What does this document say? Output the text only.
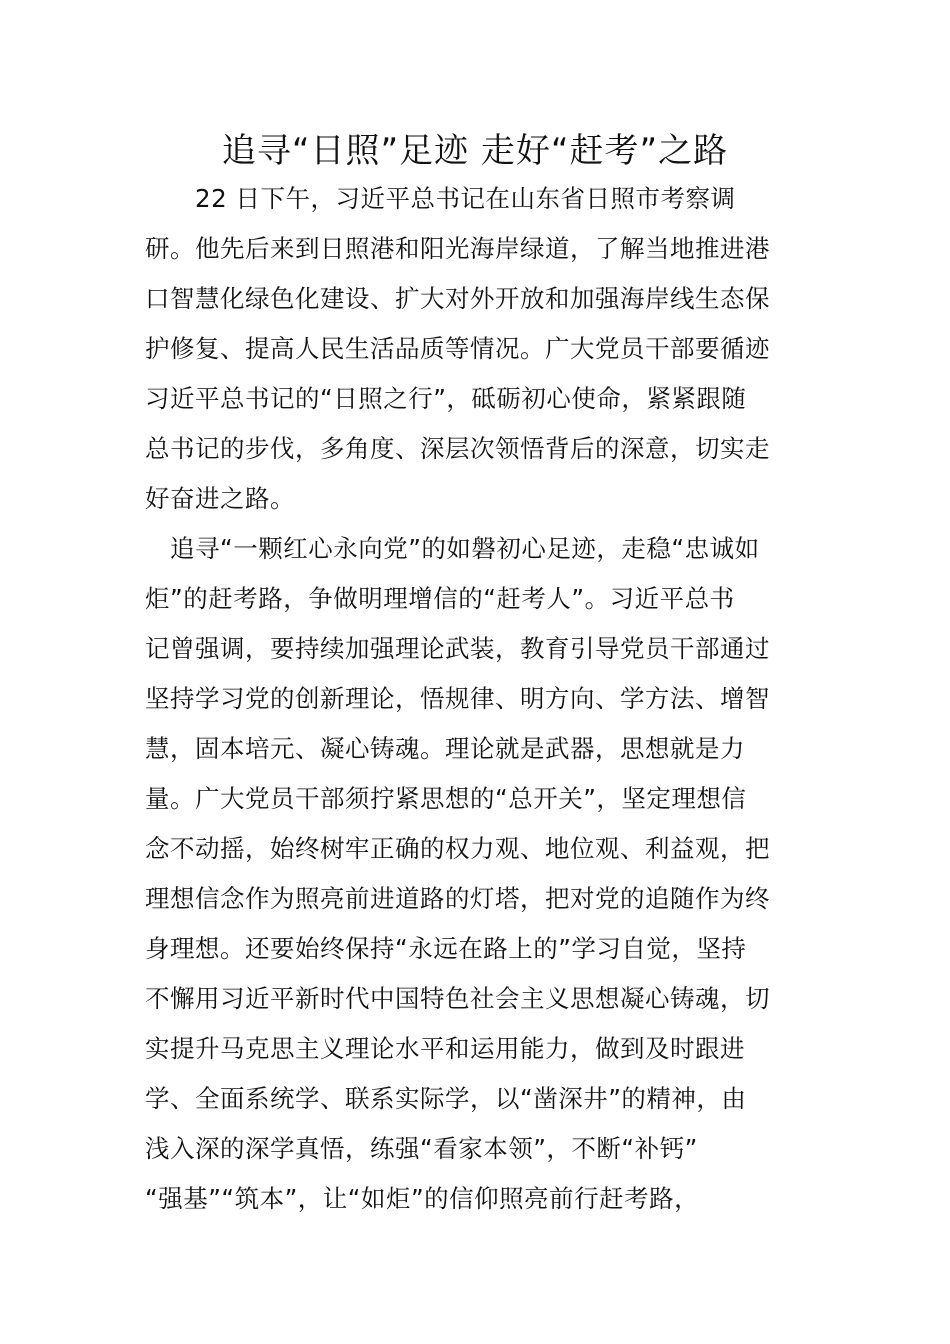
追寻“日照”足迹 走好“赶考”之路
　　22 日下午，习近平总书记在山东省日照市考察调
研。他先后来到日照港和阳光海岸绿道，了解当地推进港
口智慧化绿色化建设、扩大对外开放和加强海岸线生态保
护修复、提高人民生活品质等情况。广大党员干部要循迹
习近平总书记的“日照之行”，砥砺初心使命，紧紧跟随
总书记的步伐，多角度、深层次领悟背后的深意，切实走
好奋进之路。
　追寻“一颗红心永向党”的如磐初心足迹，走稳“忠诚如
炬”的赶考路，争做明理增信的“赶考人”。习近平总书
记曾强调，要持续加强理论武装，教育引导党员干部通过
坚持学习党的创新理论，悟规律、明方向、学方法、增智
慧，固本培元、凝心铸魂。理论就是武器，思想就是力
量。广大党员干部须拧紧思想的“总开关”，坚定理想信
念不动摇，始终树牢正确的权力观、地位观、利益观，把
理想信念作为照亮前进道路的灯塔，把对党的追随作为终
身理想。还要始终保持“永远在路上的”学习自觉，坚持
不懈用习近平新时代中国特色社会主义思想凝心铸魂，切
实提升马克思主义理论水平和运用能力，做到及时跟进
学、全面系统学、联系实际学，以“凿深井”的精神，由
浅入深的深学真悟，练强“看家本领”，不断“补钙”
“强基”“筑本”，让“如炬”的信仰照亮前行赶考路，
